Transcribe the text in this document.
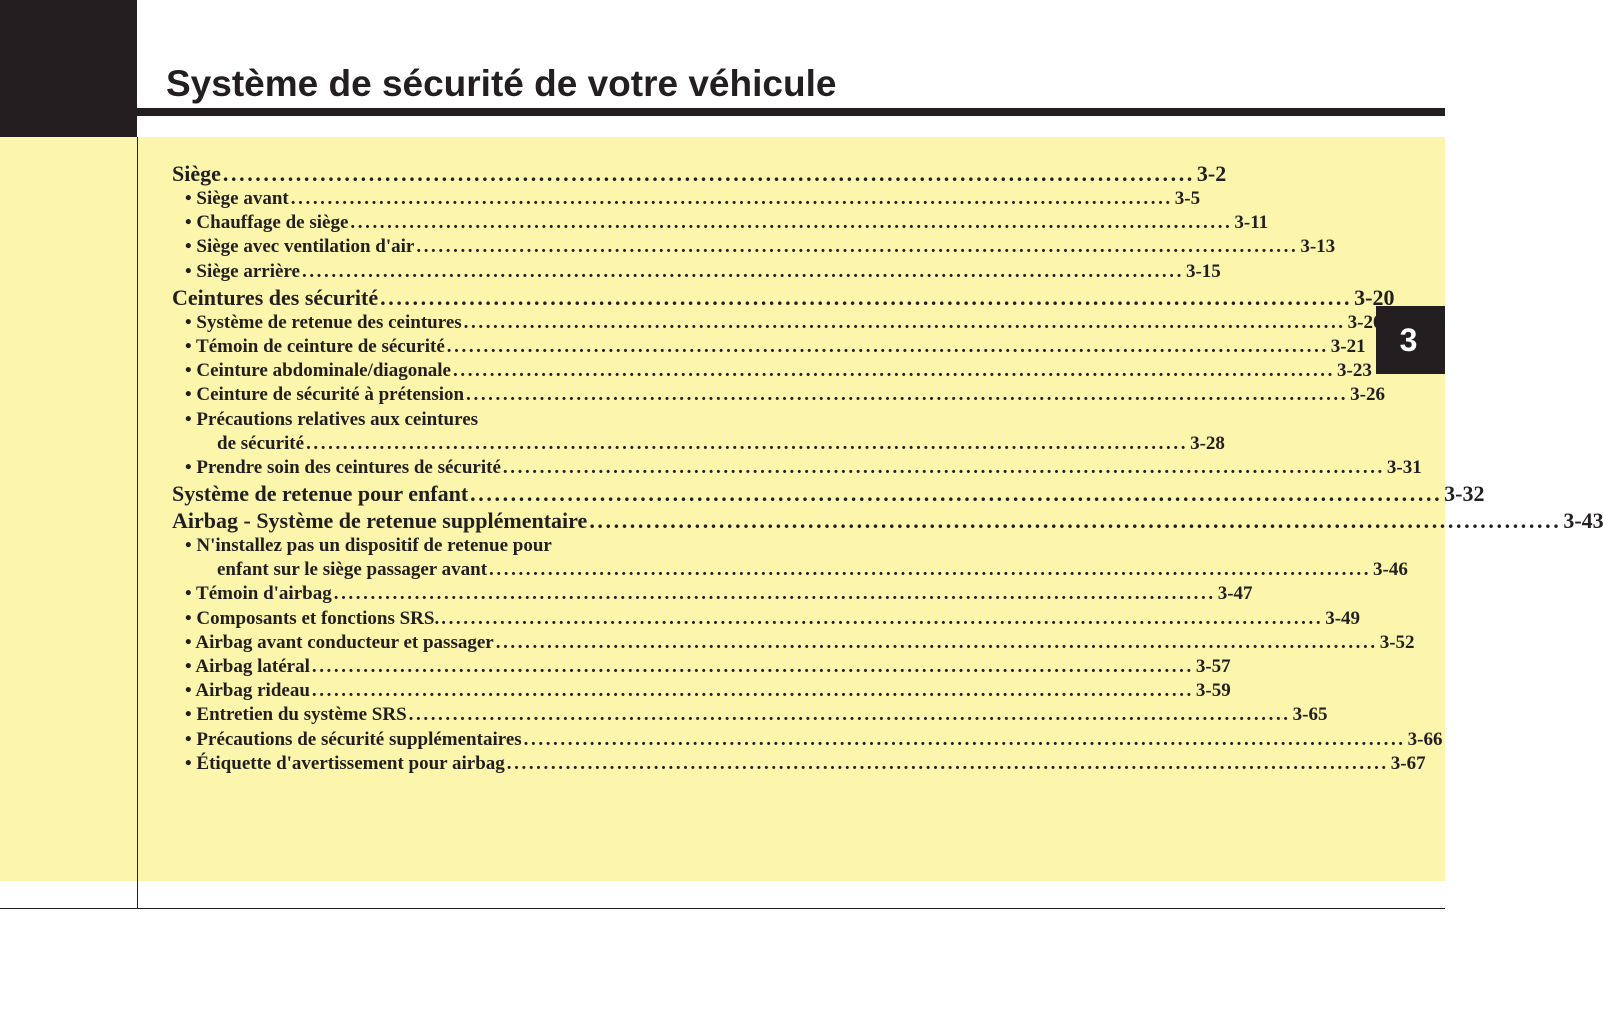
Système de sécurité de votre véhicule
3
Siège ........................................................................................................................ 3-2
• Siège avant ........................................................................................................................ 3-5
• Chauffage de siège ........................................................................................................................ 3-11
• Siège avec ventilation d'air ........................................................................................................................ 3-13
• Siège arrière ........................................................................................................................ 3-15
Ceintures des sécurité ........................................................................................................................ 3-20
• Système de retenue des ceintures ........................................................................................................................ 3-20
• Témoin de ceinture de sécurité ........................................................................................................................ 3-21
• Ceinture abdominale/diagonale ........................................................................................................................ 3-23
• Ceinture de sécurité à prétension ........................................................................................................................ 3-26
• Précautions relatives aux ceintures
de sécurité ........................................................................................................................ 3-28
• Prendre soin des ceintures de sécurité ........................................................................................................................ 3-31
Système de retenue pour enfant ........................................................................................................................ 3-32
Airbag - Système de retenue supplémentaire ........................................................................................................................ 3-43
• N'installez pas un dispositif de retenue pour
enfant sur le siège passager avant ........................................................................................................................ 3-46
• Témoin d'airbag ........................................................................................................................ 3-47
• Composants et fonctions SRS. ........................................................................................................................ 3-49
• Airbag avant conducteur et passager ........................................................................................................................ 3-52
• Airbag latéral ........................................................................................................................ 3-57
• Airbag rideau ........................................................................................................................ 3-59
• Entretien du système SRS ........................................................................................................................ 3-65
• Précautions de sécurité supplémentaires ........................................................................................................................ 3-66
• Étiquette d'avertissement pour airbag ........................................................................................................................ 3-67
